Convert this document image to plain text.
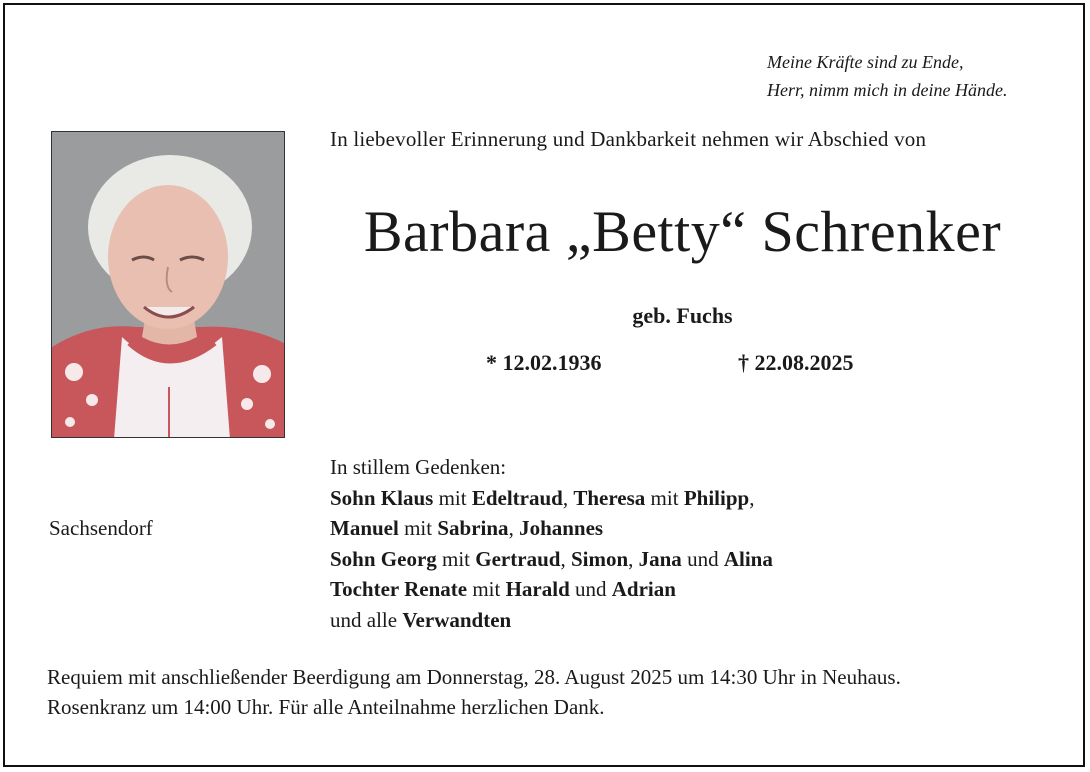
Meine Kräfte sind zu Ende,
Herr, nimm mich in deine Hände.
In liebevoller Erinnerung und Dankbarkeit nehmen wir Abschied von
Barbara „Betty“ Schrenker
geb. Fuchs
* 12.02.1936	† 22.08.2025
Sachsendorf
In stillem Gedenken:
Sohn Klaus mit Edeltraud, Theresa mit Philipp,
Manuel mit Sabrina, Johannes
Sohn Georg mit Gertraud, Simon, Jana und Alina
Tochter Renate mit Harald und Adrian
und alle Verwandten
Requiem mit anschließender Beerdigung am Donnerstag, 28. August 2025 um 14:30 Uhr in Neuhaus.
Rosenkranz um 14:00 Uhr. Für alle Anteilnahme herzlichen Dank.
